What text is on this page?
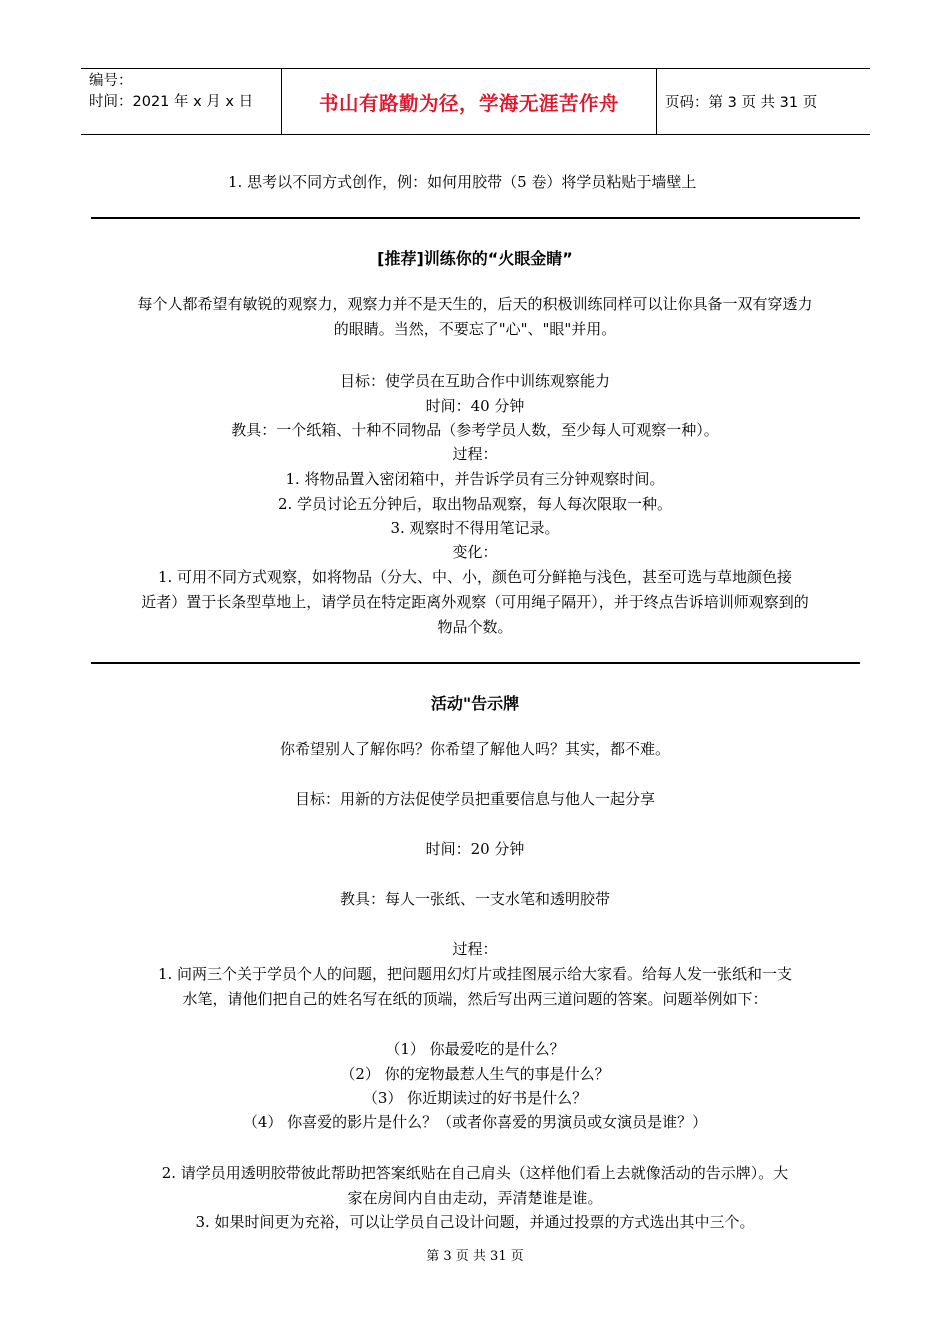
编号：
时间：2021 年 x 月 x 日	书山有路勤为径，学海无涯苦作舟	页码：第 3 页 共 31 页
1. 思考以不同方式创作，例：如何用胶带（5 卷）将学员粘贴于墙壁上
[推荐]训练你的“火眼金睛”
每个人都希望有敏锐的观察力，观察力并不是天生的，后天的积极训练同样可以让你具备一双有穿透力
的眼睛。当然，不要忘了"心"、"眼"并用。
目标：使学员在互助合作中训练观察能力
时间：40 分钟
教具：一个纸箱、十种不同物品（参考学员人数，至少每人可观察一种）。
过程：
1. 将物品置入密闭箱中，并告诉学员有三分钟观察时间。
2. 学员讨论五分钟后，取出物品观察，每人每次限取一种。
3. 观察时不得用笔记录。
变化：
1. 可用不同方式观察，如将物品（分大、中、小，颜色可分鲜艳与浅色，甚至可选与草地颜色接
近者）置于长条型草地上，请学员在特定距离外观察（可用绳子隔开），并于终点告诉培训师观察到的
物品个数。
活动"告示牌
你希望别人了解你吗？你希望了解他人吗？其实，都不难。
目标：用新的方法促使学员把重要信息与他人一起分享
时间：20 分钟
教具：每人一张纸、一支水笔和透明胶带
过程：
1. 问两三个关于学员个人的问题，把问题用幻灯片或挂图展示给大家看。给每人发一张纸和一支
水笔，请他们把自己的姓名写在纸的顶端，然后写出两三道问题的答案。问题举例如下：
（1） 你最爱吃的是什么？
（2） 你的宠物最惹人生气的事是什么？
（3） 你近期读过的好书是什么？
（4） 你喜爱的影片是什么？（或者你喜爱的男演员或女演员是谁？）
2. 请学员用透明胶带彼此帮助把答案纸贴在自己肩头（这样他们看上去就像活动的告示牌）。大
家在房间内自由走动，弄清楚谁是谁。
3. 如果时间更为充裕，可以让学员自己设计问题，并通过投票的方式选出其中三个。
第 3 页 共 31 页
